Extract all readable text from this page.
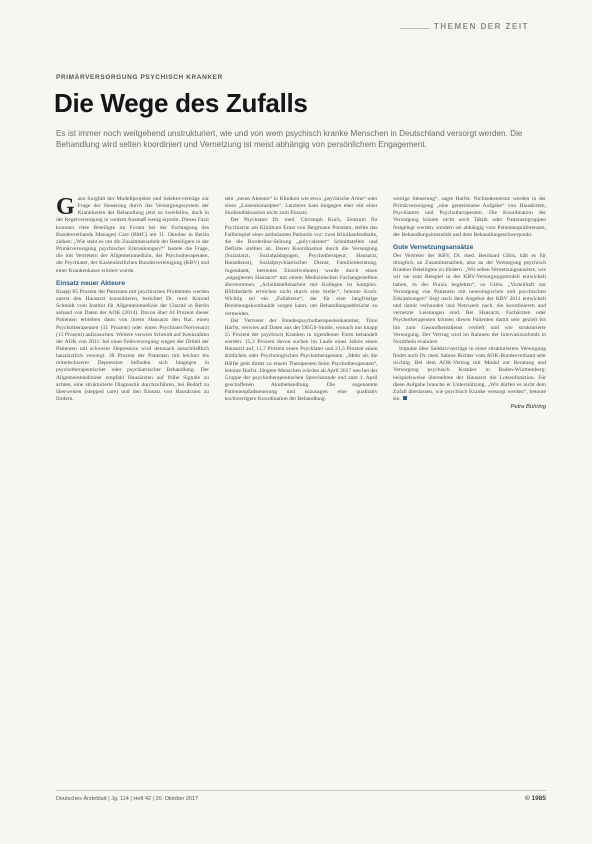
THEMEN DER ZEIT
PRIMÄRVERSORGUNG PSYCHISCH KRANKER
Die Wege des Zufalls

Es ist immer noch weitgehend unstrukturiert, wie und von wem psychisch kranke Menschen in Deutschland versorgt werden. Die Behandlung wird selten koordiniert und Vernetzung ist meist abhängig von persönlichem Engagement.

Ganz Sorgfalt der Modellprojekte und Selektivverträge zur Frage der Steuerung durch das Versorgungssystem der Krankheiten der Behandlung jetzt so zweifellos, doch in der Regelversorgung in weitem Ausmaß wenig erprobt. Dieses Fazit konnten viele Beteiligte im Forum bei der Fachtagung des Bundesverbands Managed Care (BMC) am 11. Oktober in Berlin ziehen: „Wie steht es um die Zusammenarbeit der Beteiligten in der Primärversorgung psychischer Erkrankungen?“ lautete die Frage, die mit Vertretern der Allgemeinmedizin, der Psychotherapeuten, der Psychiater, der Kassenärztlichen Bundesvereinigung (KBV) und einer Krankenkasse erörtert wurde.

Einsatz neuer Akteure

Knapp 85 Prozent der Patienten mit psychischen Problemen werden zuerst den Hausarzt konsultieren, berichtet Dr. med. Konrad Schmidt vom Institut für Allgemeinmedizin der Charité in Berlin anhand von Daten der AOK (2014). Davon über 44 Prozent dieser Patienten erhielten dann von ihrem Hausarzt den Rat, einen Psychotherapeuten (31 Prozent) oder einen Psychiater/Nervenarzt (13 Prozent) aufzusuchen. Weitere verwies Schmidt auf Kennzahlen der AOK von 2011: bei einer Fehlversorgung wegen der Drittel der Patienten mit schwerer Depression wird demnach ausschließlich hausärztlich versorgt. 30 Prozent der Patienten mit leichter bis mittelschwerer Depression befinden sich hingegen in psychotherapeutischer oder psychiatrischer Behandlung. Der Allgemeinmediziner empfahl Hausärzten auf frühe Signale zu achten, eine strukturierte Diagnostik durchzuführen, bei Bedarf zu überweisen (stepped care) und den Einsatz von Hausärzten zu fördern.

sehr „neuer Akteure“ in Kliniken wie etwa „psychische Arme“ oder eines „Lotsenkonzeptes“. Letzteres kam hingegen eher mit einer Studiendiskussion nicht zum Einsatz.

Der Psychiater Dr. med. Christoph Koch, Zentrum für Psychiatrie am Klinikum Ernst von Bergmann Potsdam, stellte das Fallbeispiel einer ambulanten Patientin vor: zwei Klinikaufenthalte, die die Borderline-Störung „polyvalenter“ Schnittstellen und Defizite stellten an. Deren Koordination durch die Versorgung (Sozialarzt, Sozialpädagogen, Psychotherapeut, Hausarzt, Hausdienst), Sozialpsychiatrischer Dienst, Familienberatung, Jugendamt, betreutes Einzelwohnen) wurde durch einen „engagierten Hausarzt“ mit einem Medizinischen Fachangestellten übernommen. „Schnittstellenarbeit mit Kollegen ist komplex. Hilfsbedarfe erreichen nicht durch eine Stelle.“, betonte Koch. Wichtig sei ein „Fallakteur“, der für eine langfristige Beziehungskontinuität sorgen kann, um Behandlungsabbrüche zu vermeiden.

Der Vertreter der Bundespsychotherapeutenkammer, Timo Harfst, verwies auf Daten aus der DEGS-Studie, wonach nur knapp 15 Prozent der psychisch Kranken in irgendeiner Form behandelt werden: 15,3 Prozent davon suchen im Laufe eines Jahres einen Hausarzt auf, 11,7 Prozent einen Psychiater und 21,5 Prozent einen ärztlichen oder Psychologischen Psychotherapeuten. „Mehr als die Hälfte geht direkt zu einem Therapeuten beim Psychotherapeuten“, betonte Harfst. Jüngere Menschen würden ab April 2017 neu bei der Gruppe der psychotherapeutischen Sprechstunde und zum 1. April geschaffenen Akutbehandlung. Die sogenannte Patientenpfadsteuerung und sozusagen eine qualitativ hochwertigere Koordination der Behandlung.

wertige Steuerung“, sagte Harfst. Nichtsdestotrotz werden in der Primärversorgung „eine gemeinsame Aufgabe“ von Hausärzten, Psychiatern und Psychotherapeuten. Die Koordination der Versorgung könnte nicht noch Taktik oder Patientengruppen festgelegt werden, sondern sei abhängig vom Patientenpräferenzen, der Behandlungsintensität und dem Behandlungsschwerpunkt.

Gute Vernetzungsansätze

Der Vertreter der KBV, Dr. med. Bernhard Gibis, hält es für dringlich, an Zusammenarbeit, also an der Versorgung psychisch Kranker Beteiligten zu fördern. „Wir sehen Vernetzungsansätze, wie wir sie zum Beispiel in der KBV-Versorgungsmodell entwickelt haben, in der Praxis begleiten“, so Gibis. „Vorteilhaft zur Versorgung von Patienten mit neurologischen und psychischen Erkrankungen“ liegt nach dem Angebot der KBV 2011 entwickelt und damit verbunden und Netzwerk nach, die koordinieren und vernetzte Leistungen sind. Bei Hausarzt, Fachärzten oder Psychotherapeuten können diesen Patienten damit sehr gezielt bis hin zum Gesundheitsdienst vertieft und wie strukturierte Versorgung. Der Vertrag wird im Rahmen der Innovationsfonds in Nordrhein evaluiert.

Impulse über Selektivverträge in einer strukturierten Versorgung findet auch Dr. med. Sabine Richter vom AOK-Bundesverband sehr wichtig. Bei dem AOK-Vertrag mit Modul zur Beratung und Versorgung psychisch Kranker in Baden-Württemberg: beispielsweise übernehme der Hausarzt die Lotsenfunktion. Für diese Aufgabe brauche er Unterstützung. „Wir dürfen es nicht dem Zufall überlassen, wie psychisch Kranke versorgt werden“, betonte sie.

Petra Bühring
Deutsches Ärzteblatt | Jg. 114 | Heft 42 | 20. Oktober 2017	© 1985
